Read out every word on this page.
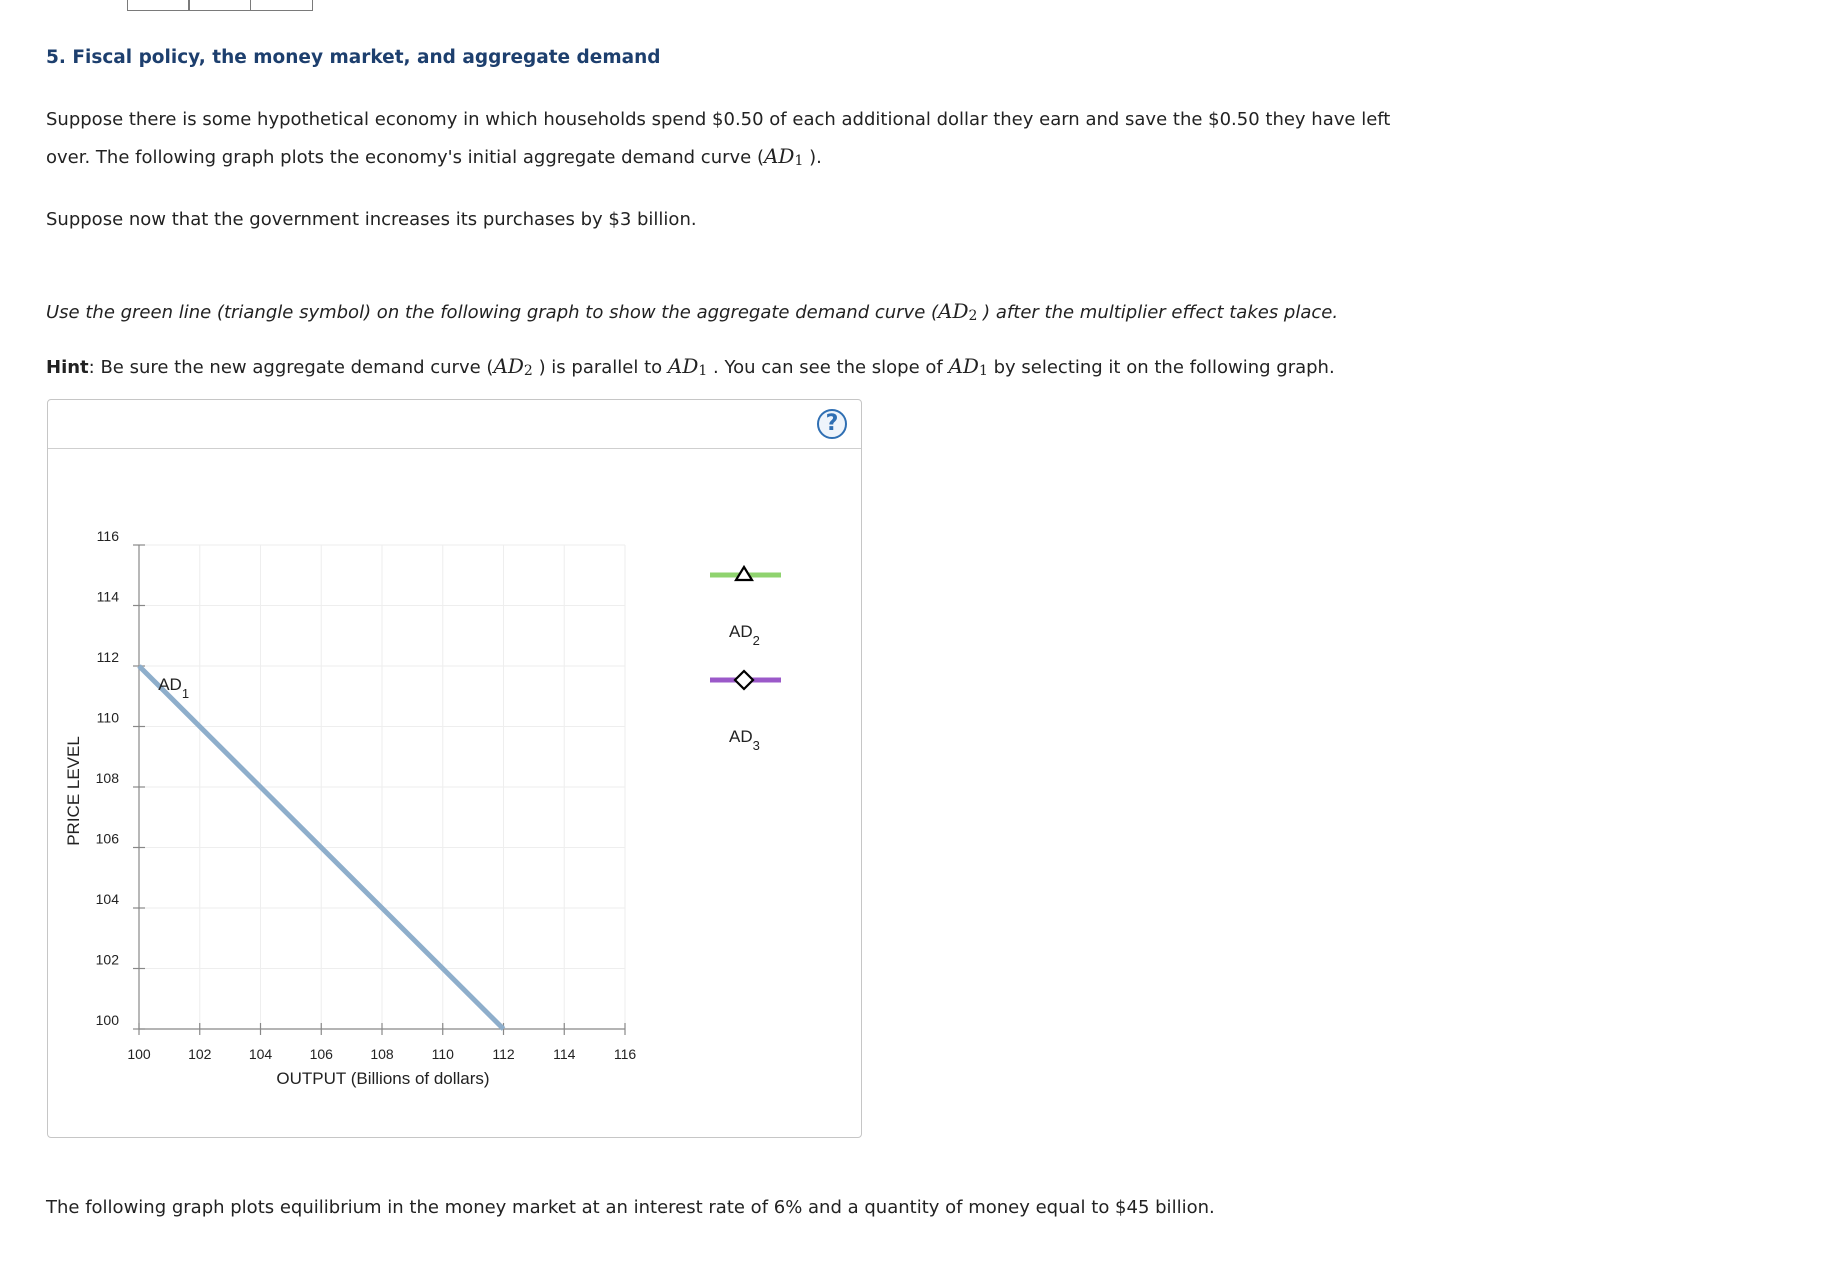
5. Fiscal policy, the money market, and aggregate demand

Suppose there is some hypothetical economy in which households spend $0.50 of each additional dollar they earn and save the $0.50 they have left
over. The following graph plots the economy's initial aggregate demand curve ($AD_1$ ).

Suppose now that the government increases its purchases by $3 billion.

Use the green line (triangle symbol) on the following graph to show the aggregate demand curve ($AD_2$ ) after the multiplier effect takes place.

Hint: Be sure the new aggregate demand curve ($AD_2$ ) is parallel to $AD_1$ . You can see the slope of $AD_1$ by selecting it on the following graph.

?
100
102
104
106
108
110
112
114
116
100	102	104	106	108	110	112	114	116
OUTPUT (Billions of dollars)
PRICE LEVEL
$AD_1$
$AD_2$
$AD_3$

The following graph plots equilibrium in the money market at an interest rate of 6% and a quantity of money equal to $45 billion.
